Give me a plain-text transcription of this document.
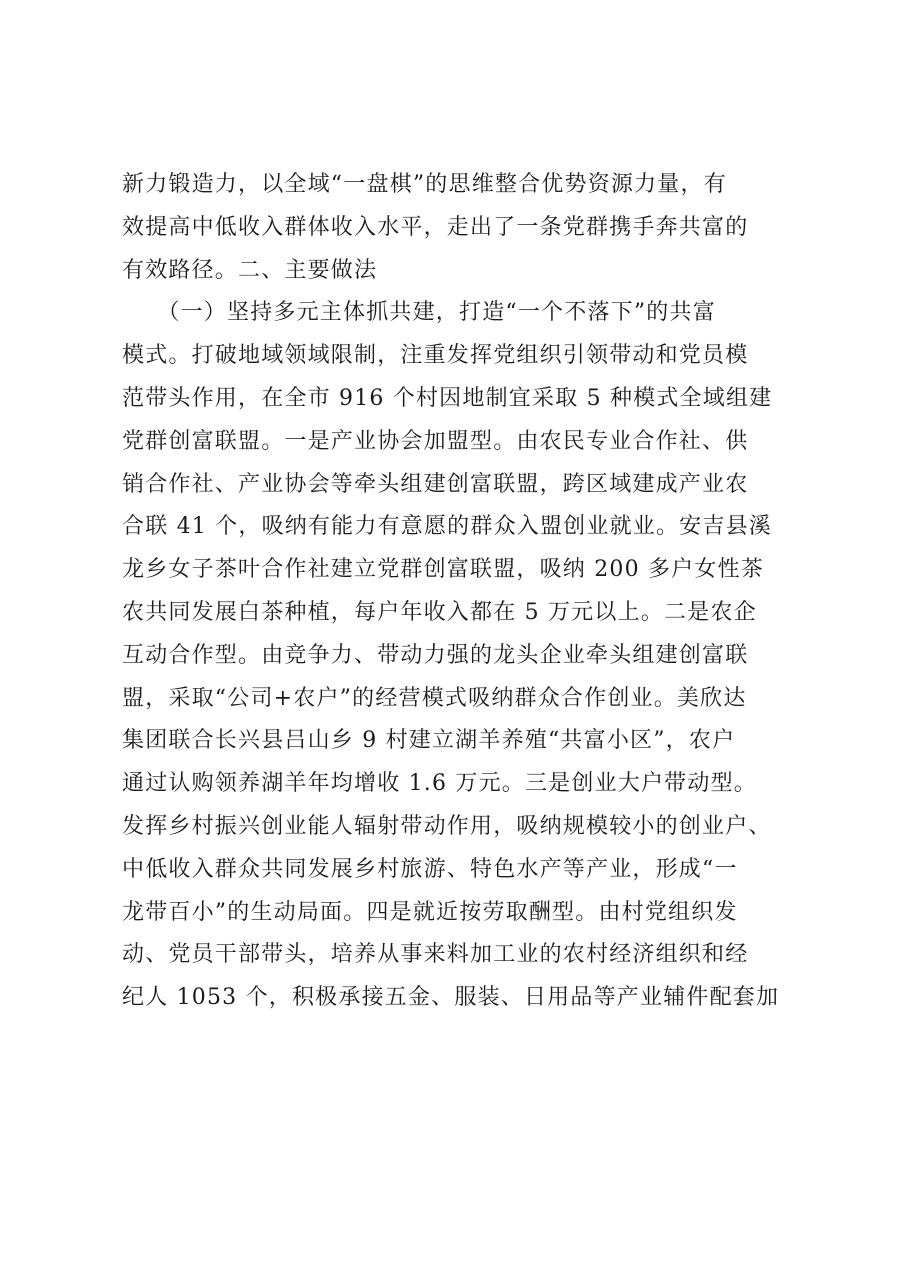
新力锻造力，以全域“一盘棋”的思维整合优势资源力量，有
效提高中低收入群体收入水平，走出了一条党群携手奔共富的
有效路径。二、主要做法
　　（一）坚持多元主体抓共建，打造“一个不落下”的共富
模式。打破地域领域限制，注重发挥党组织引领带动和党员模
范带头作用，在全市 916 个村因地制宜采取 5 种模式全域组建
党群创富联盟。一是产业协会加盟型。由农民专业合作社、供
销合作社、产业协会等牵头组建创富联盟，跨区域建成产业农
合联 41 个，吸纳有能力有意愿的群众入盟创业就业。安吉县溪
龙乡女子茶叶合作社建立党群创富联盟，吸纳 200 多户女性茶
农共同发展白茶种植，每户年收入都在 5 万元以上。二是农企
互动合作型。由竞争力、带动力强的龙头企业牵头组建创富联
盟，采取“公司+农户”的经营模式吸纳群众合作创业。美欣达
集团联合长兴县吕山乡 9 村建立湖羊养殖“共富小区”，农户
通过认购领养湖羊年均增收 1.6 万元。三是创业大户带动型。
发挥乡村振兴创业能人辐射带动作用，吸纳规模较小的创业户、
中低收入群众共同发展乡村旅游、特色水产等产业，形成“一
龙带百小”的生动局面。四是就近按劳取酬型。由村党组织发
动、党员干部带头，培养从事来料加工业的农村经济组织和经
纪人 1053 个，积极承接五金、服装、日用品等产业辅件配套加
